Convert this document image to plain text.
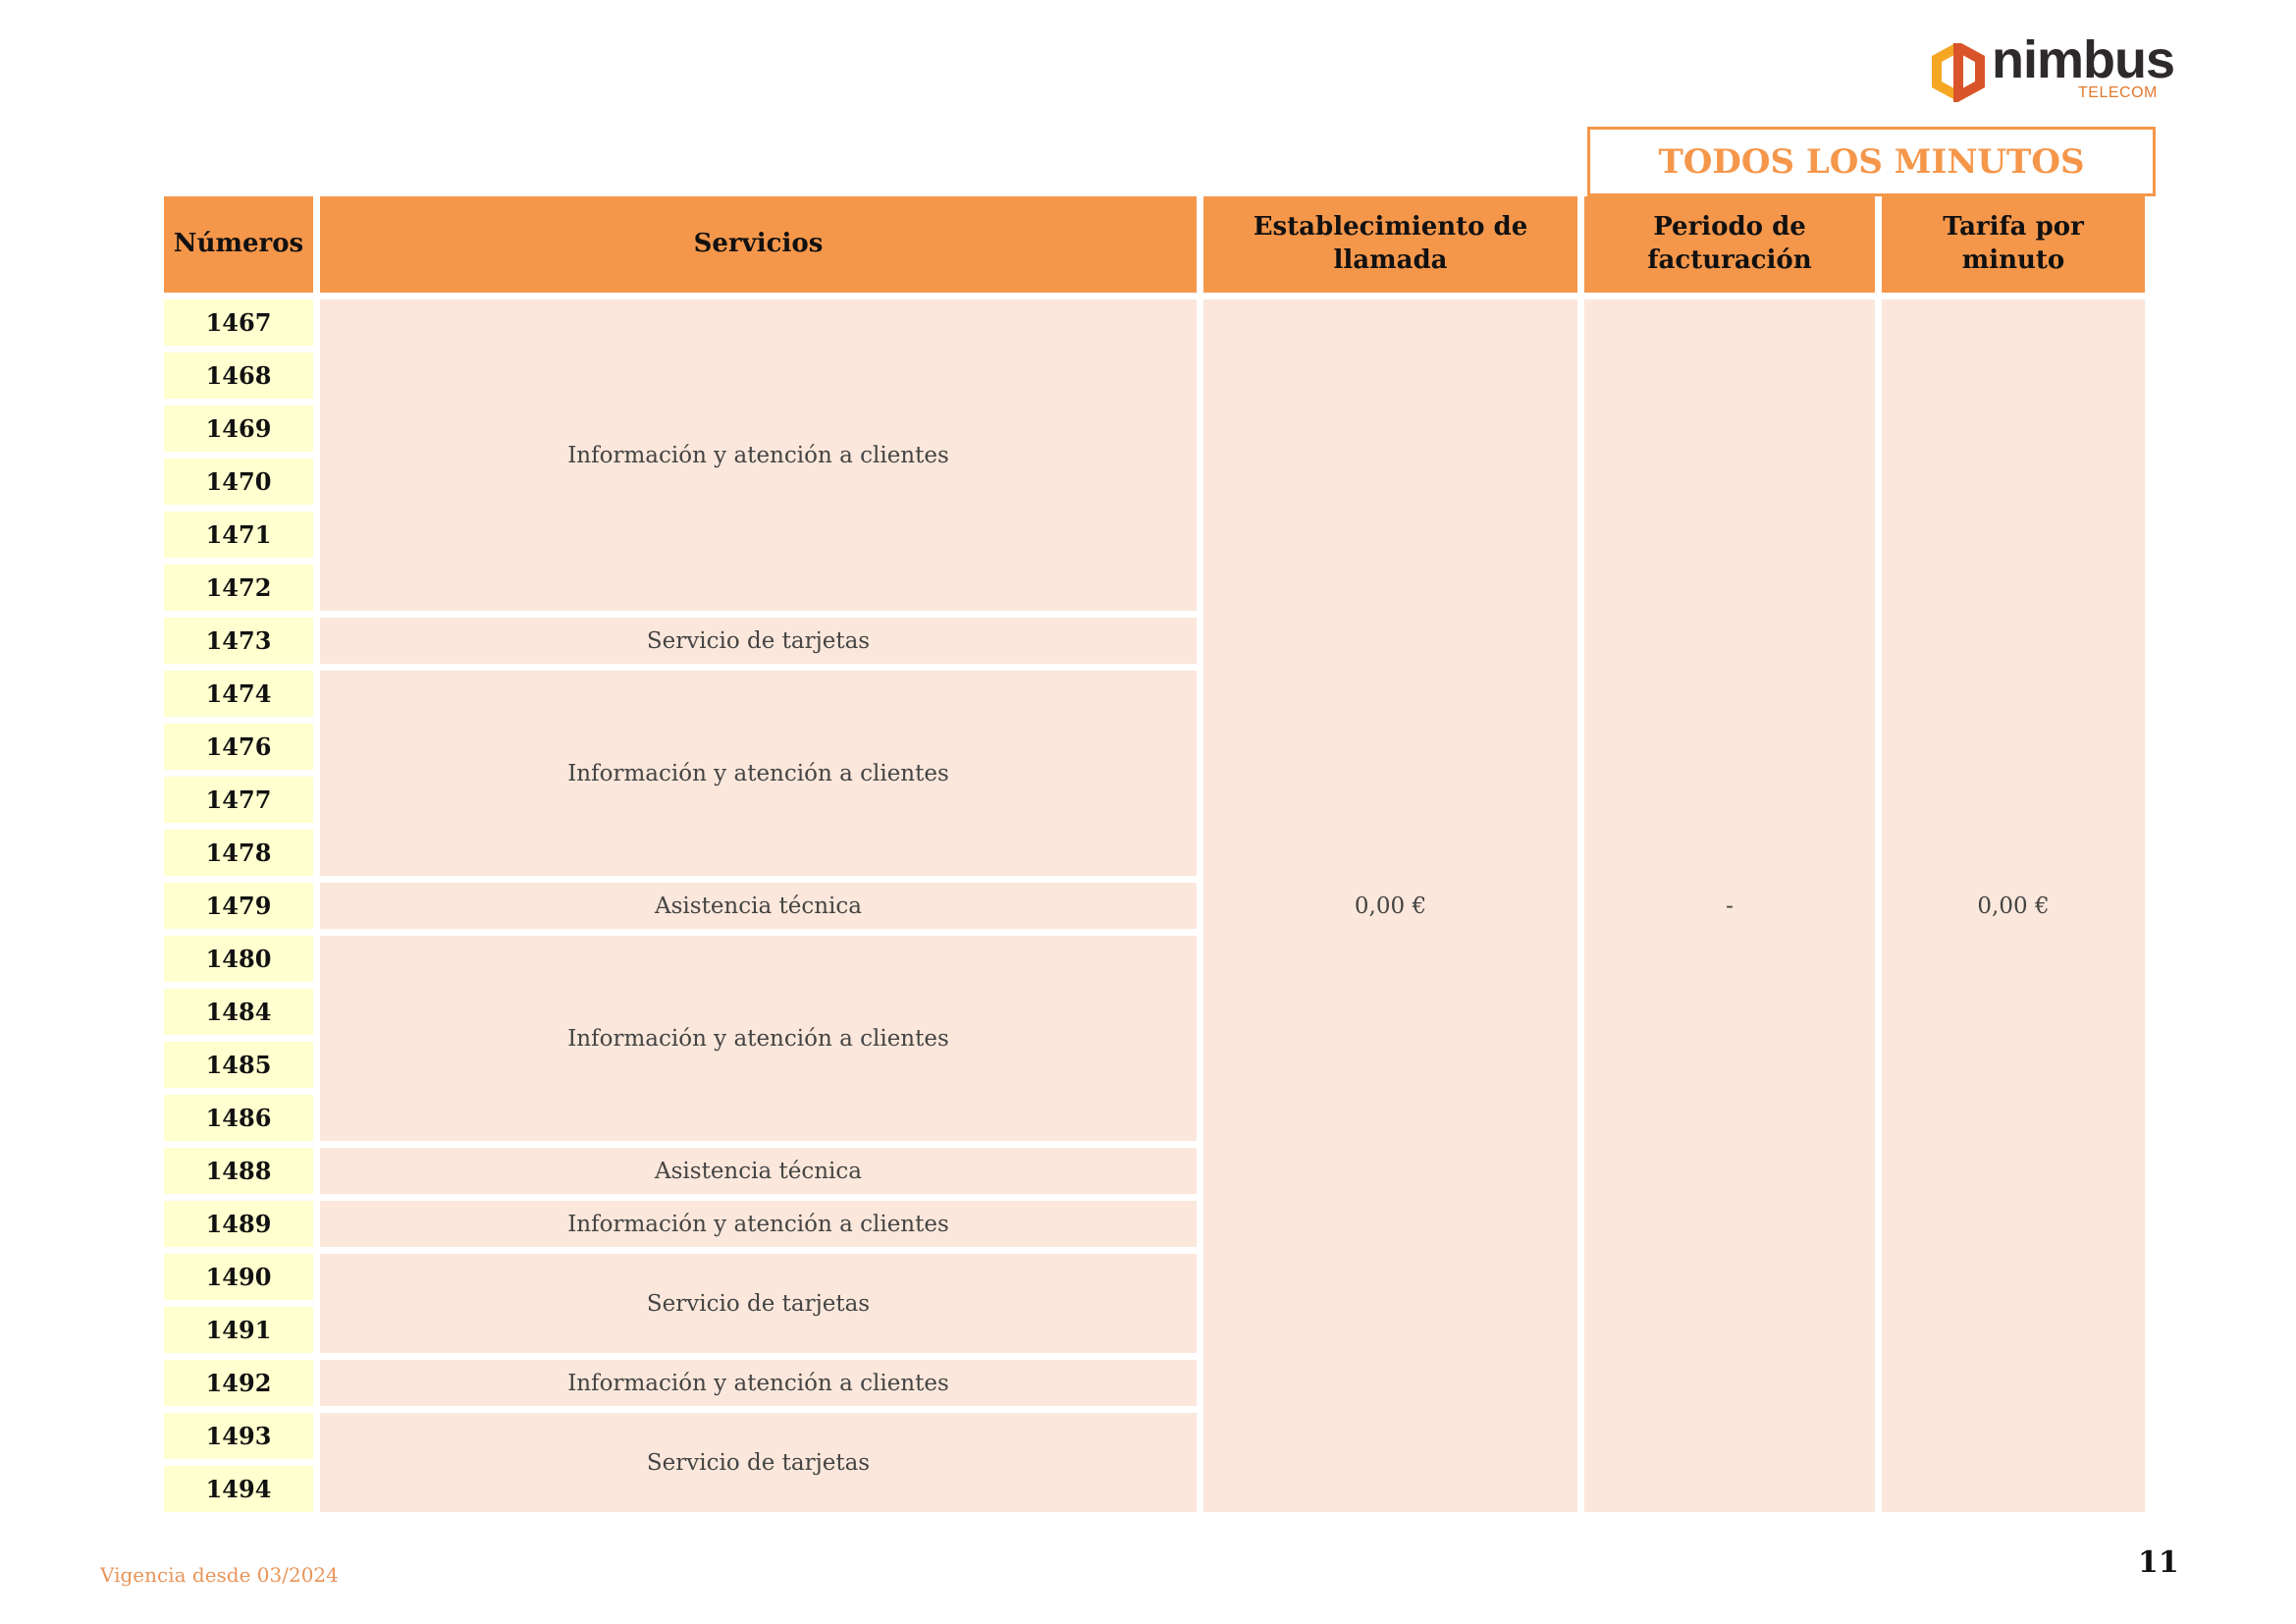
nimbus
TELECOM
TODOS LOS MINUTOS
Números	Servicios	Establecimiento de llamada	Periodo de facturación	Tarifa por minuto
1467	Información y atención a clientes	0,00 €	-	0,00 €
1468				
1469				
1470				
1471				
1472				
1473	Servicio de tarjetas			
1474	Información y atención a clientes			
1476				
1477				
1478				
1479	Asistencia técnica			
1480	Información y atención a clientes			
1484				
1485				
1486				
1488	Asistencia técnica			
1489	Información y atención a clientes			
1490	Servicio de tarjetas			
1491				
1492	Información y atención a clientes			
1493	Servicio de tarjetas			
1494				
Vigencia desde 03/2024	11
